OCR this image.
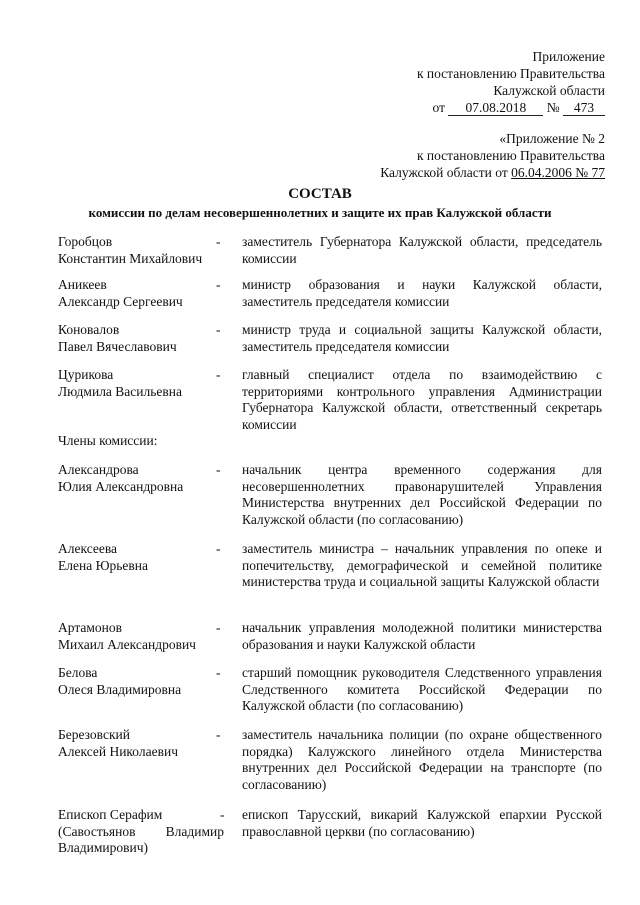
Приложение
к постановлению Правительства
Калужской области
от 07.08.2018 № 473
«Приложение № 2
к постановлению Правительства
Калужской области от 06.04.2006 № 77
СОСТАВ
комиссии по делам несовершеннолетних и защите их прав Калужской области
Горобцов
Константин Михайлович
- заместитель Губернатора Калужской области, председатель комиссии
Аникеев
Александр Сергеевич
- министр образования и науки Калужской области, заместитель председателя комиссии
Коновалов
Павел Вячеславович
- министр труда и социальной защиты Калужской области, заместитель председателя комиссии
Цурикова
Людмила Васильевна
- главный специалист отдела по взаимодействию с территориями контрольного управления Администрации Губернатора Калужской области, ответственный секретарь комиссии
Члены комиссии:
Александрова
Юлия Александровна
- начальник центра временного содержания для несовершеннолетних правонарушителей Управления Министерства внутренних дел Российской Федерации по Калужской области (по согласованию)
Алексеева
Елена Юрьевна
- заместитель министра – начальник управления по опеке и попечительству, демографической и семейной политике министерства труда и социальной защиты Калужской области
Артамонов
Михаил Александрович
- начальник управления молодежной политики министерства образования и науки Калужской области
Белова
Олеся Владимировна
- старший помощник руководителя Следственного управления Следственного комитета Российской Федерации по Калужской области (по согласованию)
Березовский
Алексей Николаевич
- заместитель начальника полиции (по охране общественного порядка) Калужского линейного отдела Министерства внутренних дел Российской Федерации на транспорте (по согласованию)
Епископ Серафим
(Савостьянов Владимир Владимирович)
- епископ Тарусский, викарий Калужской епархии Русской православной церкви (по согласованию)
